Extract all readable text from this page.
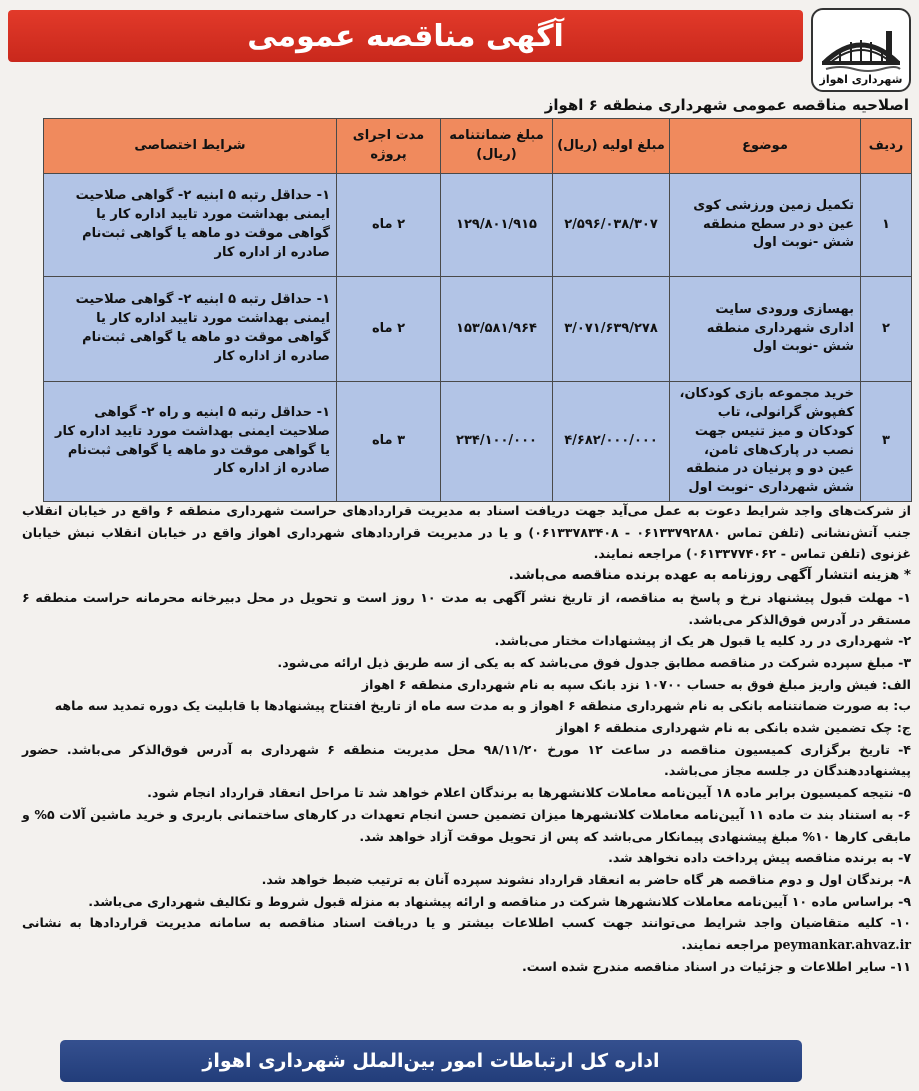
شهرداری اهواز
آگهی مناقصه عمومی
اصلاحیه مناقصه عمومی شهرداری منطقه ۶ اهواز
ردیف	موضوع	مبلغ اولیه (ریال)	مبلغ ضمانتنامه (ریال)	مدت اجرای پروژه	شرایط اختصاصی
۱	تکمیل زمین ورزشی کوی عین دو در سطح منطقه شش -نوبت اول	۲/۵۹۶/۰۳۸/۳۰۷	۱۲۹/۸۰۱/۹۱۵	۲ ماه	۱- حداقل رتبه ۵ ابنیه ۲- گواهی صلاحیت ایمنی بهداشت مورد تایید اداره کار یا گواهی موقت دو ماهه یا گواهی ثبت‌نام صادره از اداره کار
۲	بهسازی ورودی سایت اداری شهرداری منطقه شش -نوبت اول	۳/۰۷۱/۶۳۹/۲۷۸	۱۵۳/۵۸۱/۹۶۴	۲ ماه	۱- حداقل رتبه ۵ ابنیه ۲- گواهی صلاحیت ایمنی بهداشت مورد تایید اداره کار یا گواهی موقت دو ماهه یا گواهی ثبت‌نام صادره از اداره کار
۳	خرید مجموعه بازی کودکان، کفپوش گرانولی، تاب کودکان و میز تنیس جهت نصب در پارک‌های ثامن، عین دو و پرنیان در منطقه شش شهرداری -نوبت اول	۴/۶۸۲/۰۰۰/۰۰۰	۲۳۴/۱۰۰/۰۰۰	۳ ماه	۱- حداقل رتبه ۵ ابنیه و راه ۲- گواهی صلاحیت ایمنی بهداشت مورد تایید اداره کار یا گواهی موقت دو ماهه یا گواهی ثبت‌نام صادره از اداره کار

از شرکت‌های واجد شرایط دعوت به عمل می‌آید جهت دریافت اسناد به مدیریت قراردادهای حراست شهرداری منطقه ۶ واقع در خیابان انقلاب جنب آتش‌نشانی (تلفن تماس ۰۶۱۳۳۷۹۲۸۸۰ - ۰۶۱۳۳۷۸۳۴۰۸) و یا در مدیریت قراردادهای شهرداری اهواز واقع در خیابان انقلاب نبش خیابان غزنوی (تلفن تماس - ۰۶۱۳۳۷۷۴۰۶۲) مراجعه نمایند.

* هزینه انتشار آگهی روزنامه به عهده برنده مناقصه می‌باشد.

۱- مهلت قبول پیشنهاد نرخ و پاسخ به مناقصه، از تاریخ نشر آگهی به مدت ۱۰ روز است و تحویل در محل دبیرخانه محرمانه حراست منطقه ۶ مستقر در آدرس فوق‌الذکر می‌باشد.

۲- شهرداری در رد کلیه یا قبول هر یک از پیشنهادات مختار می‌باشد.

۳- مبلغ سپرده شرکت در مناقصه مطابق جدول فوق می‌باشد که به یکی از سه طریق ذیل ارائه می‌شود.

الف: فیش واریز مبلغ فوق به حساب ۱۰۷۰۰ نزد بانک سپه به نام شهرداری منطقه ۶ اهواز

ب: به صورت ضمانتنامه بانکی به نام شهرداری منطقه ۶ اهواز و به مدت سه ماه از تاریخ افتتاح پیشنهادها با قابلیت یک دوره تمدید سه ماهه

ج: چک تضمین شده بانکی به نام شهرداری منطقه ۶ اهواز

۴- تاریخ برگزاری کمیسیون مناقصه در ساعت ۱۲ مورخ ۹۸/۱۱/۲۰ محل مدیریت منطقه ۶ شهرداری به آدرس فوق‌الذکر می‌باشد. حضور پیشنهاددهندگان در جلسه مجاز می‌باشد.

۵- نتیجه کمیسیون برابر ماده ۱۸ آیین‌نامه معاملات کلانشهرها به برندگان اعلام خواهد شد تا مراحل انعقاد قرارداد انجام شود.

۶- به استناد بند ت ماده ۱۱ آیین‌نامه معاملات کلانشهرها میزان تضمین حسن انجام تعهدات در کارهای ساختمانی باربری و خرید ماشین آلات ۵% و مابقی کارها ۱۰% مبلغ پیشنهادی پیمانکار می‌باشد که پس از تحویل موقت آزاد خواهد شد.

۷- به برنده مناقصه پیش پرداخت داده نخواهد شد.

۸- برندگان اول و دوم مناقصه هر گاه حاضر به انعقاد قرارداد نشوند سپرده آنان به ترتیب ضبط خواهد شد.

۹- براساس ماده ۱۰ آیین‌نامه معاملات کلانشهرها شرکت در مناقصه و ارائه پیشنهاد به منزله قبول شروط و تکالیف شهرداری می‌باشد.

۱۰- کلیه متقاضیان واجد شرایط می‌توانند جهت کسب اطلاعات بیشتر و یا دریافت اسناد مناقصه به سامانه مدیریت قراردادها به نشانی peymankar.ahvaz.ir مراجعه نمایند.

۱۱- سایر اطلاعات و جزئیات در اسناد مناقصه مندرج شده است.

اداره کل ارتباطات امور بین‌الملل شهرداری اهواز
